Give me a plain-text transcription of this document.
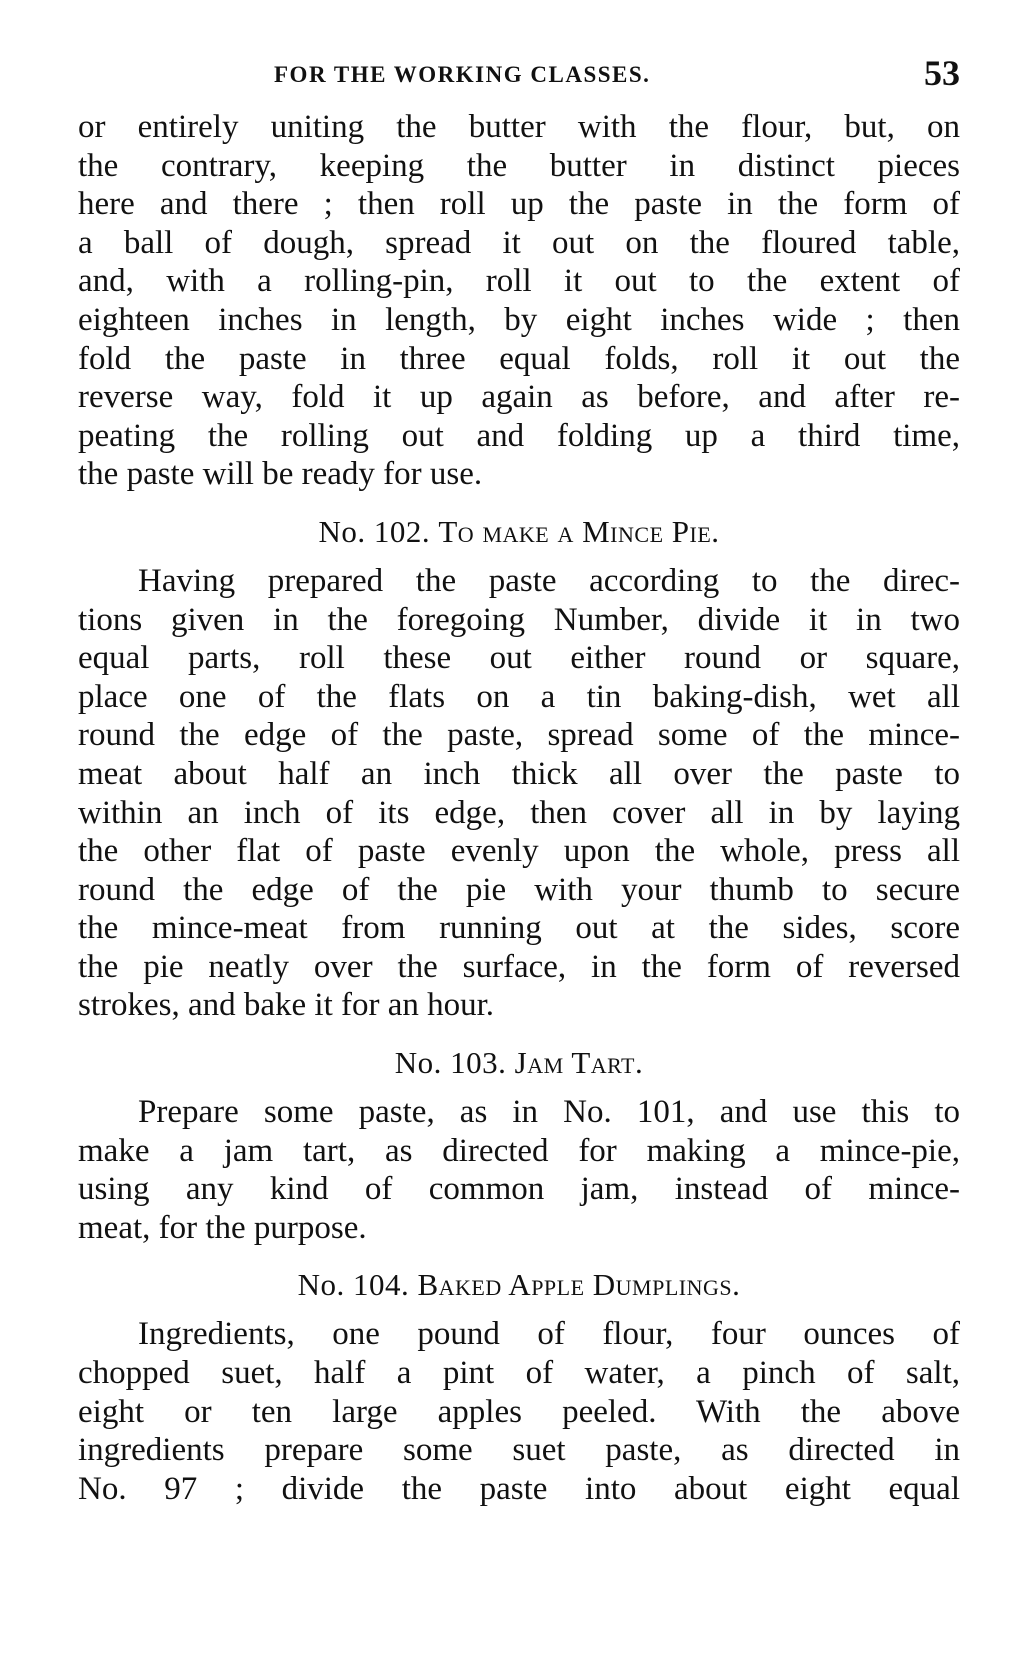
FOR THE WORKING CLASSES.	53

or entirely uniting the butter with the flour, but, on
the contrary, keeping the butter in distinct pieces
here and there ; then roll up the paste in the form of
a ball of dough, spread it out on the floured table,
and, with a rolling-pin, roll it out to the extent of
eighteen inches in length, by eight inches wide ; then
fold the paste in three equal folds, roll it out the
reverse way, fold it up again as before, and after re-
peating the rolling out and folding up a third time,
the paste will be ready for use.

No. 102. To make a Mince Pie.

Having prepared the paste according to the direc-
tions given in the foregoing Number, divide it in two
equal parts, roll these out either round or square,
place one of the flats on a tin baking-dish, wet all
round the edge of the paste, spread some of the mince-
meat about half an inch thick all over the paste to
within an inch of its edge, then cover all in by laying
the other flat of paste evenly upon the whole, press all
round the edge of the pie with your thumb to secure
the mince-meat from running out at the sides, score
the pie neatly over the surface, in the form of reversed
strokes, and bake it for an hour.

No. 103. Jam Tart.

Prepare some paste, as in No. 101, and use this to
make a jam tart, as directed for making a mince-pie,
using any kind of common jam, instead of mince-
meat, for the purpose.

No. 104. Baked Apple Dumplings.

Ingredients, one pound of flour, four ounces of
chopped suet, half a pint of water, a pinch of salt,
eight or ten large apples peeled. With the above
ingredients prepare some suet paste, as directed in
No. 97 ; divide the paste into about eight equal
